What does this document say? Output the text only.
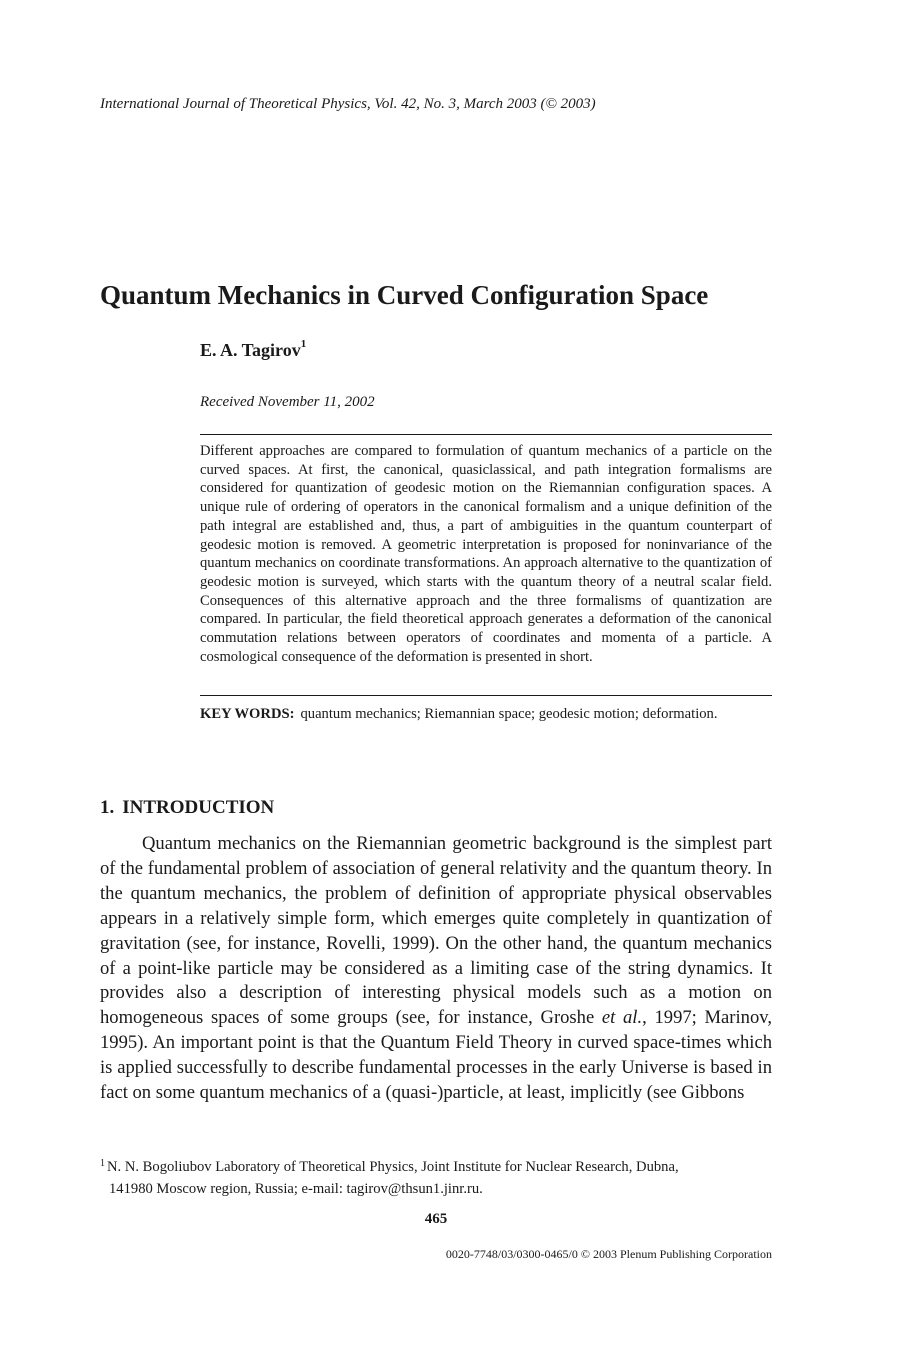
International Journal of Theoretical Physics, Vol. 42, No. 3, March 2003 (© 2003)
Quantum Mechanics in Curved Configuration Space
E. A. Tagirov$^1$
Received November 11, 2002

Different approaches are compared to formulation of quantum mechanics of a particle on the curved spaces. At first, the canonical, quasiclassical, and path integration formalisms are considered for quantization of geodesic motion on the Riemannian configuration spaces. A unique rule of ordering of operators in the canonical formalism and a unique definition of the path integral are established and, thus, a part of ambiguities in the quantum counterpart of geodesic motion is removed. A geometric interpretation is proposed for noninvariance of the quantum mechanics on coordinate transformations. An approach alternative to the quantization of geodesic motion is surveyed, which starts with the quantum theory of a neutral scalar field. Consequences of this alternative approach and the three formalisms of quantization are compared. In particular, the field theoretical approach generates a deformation of the canonical commutation relations between operators of coordinates and momenta of a particle. A cosmological consequence of the deformation is presented in short.

KEY WORDS: quantum mechanics; Riemannian space; geodesic motion; deformation.
1. INTRODUCTION

Quantum mechanics on the Riemannian geometric background is the simplest part of the fundamental problem of association of general relativity and the quantum theory. In the quantum mechanics, the problem of definition of appropriate physical observables appears in a relatively simple form, which emerges quite completely in quantization of gravitation (see, for instance, Rovelli, 1999). On the other hand, the quantum mechanics of a point-like particle may be considered as a limiting case of the string dynamics. It provides also a description of interesting physical models such as a motion on homogeneous spaces of some groups (see, for instance, Groshe et al., 1997; Marinov, 1995). An important point is that the Quantum Field Theory in curved space-times which is applied successfully to describe fundamental processes in the early Universe is based in fact on some quantum mechanics of a (quasi-)particle, at least, implicitly (see Gibbons

$^1$ N. N. Bogoliubov Laboratory of Theoretical Physics, Joint Institute for Nuclear Research, Dubna,
141980 Moscow region, Russia; e-mail: tagirov@thsun1.jinr.ru.
465
0020-7748/03/0300-0465/0 © 2003 Plenum Publishing Corporation
